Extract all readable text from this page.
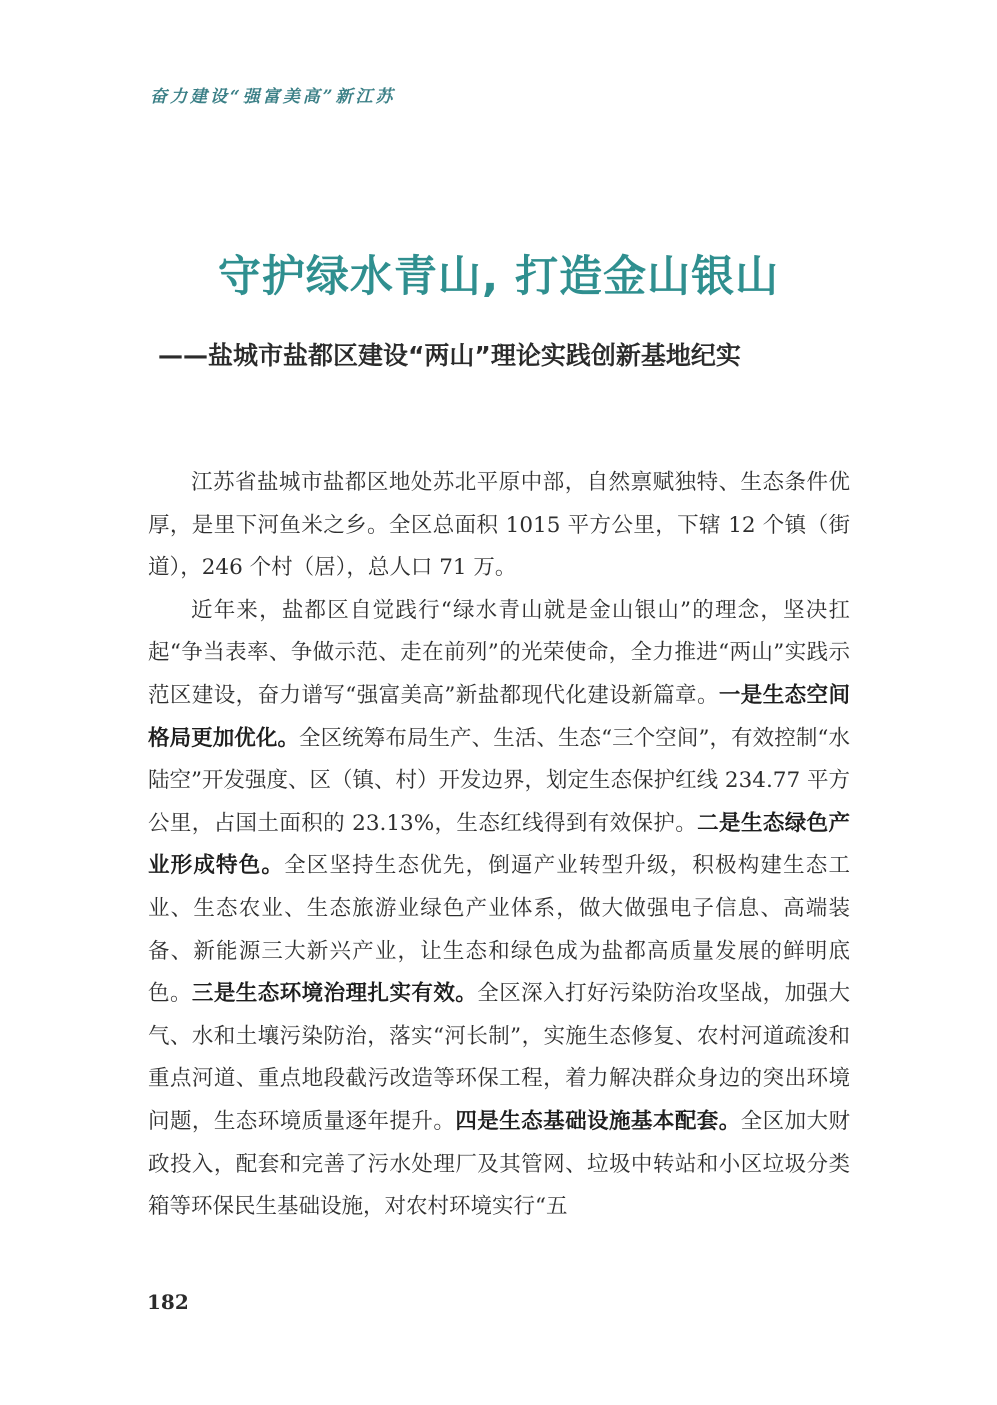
奋力建设“强富美高”新江苏
守护绿水青山, 打造金山银山
——盐城市盐都区建设“两山”理论实践创新基地纪实

江苏省盐城市盐都区地处苏北平原中部，自然禀赋独特、生态条件优厚，是里下河鱼米之乡。全区总面积 1015 平方公里，下辖 12 个镇（街道），246 个村（居），总人口 71 万。

近年来，盐都区自觉践行“绿水青山就是金山银山”的理念，坚决扛起“争当表率、争做示范、走在前列”的光荣使命，全力推进“两山”实践示范区建设，奋力谱写“强富美高”新盐都现代化建设新篇章。一是生态空间格局更加优化。全区统筹布局生产、生活、生态“三个空间”，有效控制“水陆空”开发强度、区（镇、村）开发边界，划定生态保护红线 234.77 平方公里，占国土面积的 23.13%，生态红线得到有效保护。二是生态绿色产业形成特色。全区坚持生态优先，倒逼产业转型升级，积极构建生态工业、生态农业、生态旅游业绿色产业体系，做大做强电子信息、高端装备、新能源三大新兴产业，让生态和绿色成为盐都高质量发展的鲜明底色。三是生态环境治理扎实有效。全区深入打好污染防治攻坚战，加强大气、水和土壤污染防治，落实“河长制”，实施生态修复、农村河道疏浚和重点河道、重点地段截污改造等环保工程，着力解决群众身边的突出环境问题，生态环境质量逐年提升。四是生态基础设施基本配套。全区加大财政投入，配套和完善了污水处理厂及其管网、垃圾中转站和小区垃圾分类箱等环保民生基础设施，对农村环境实行“五

182
